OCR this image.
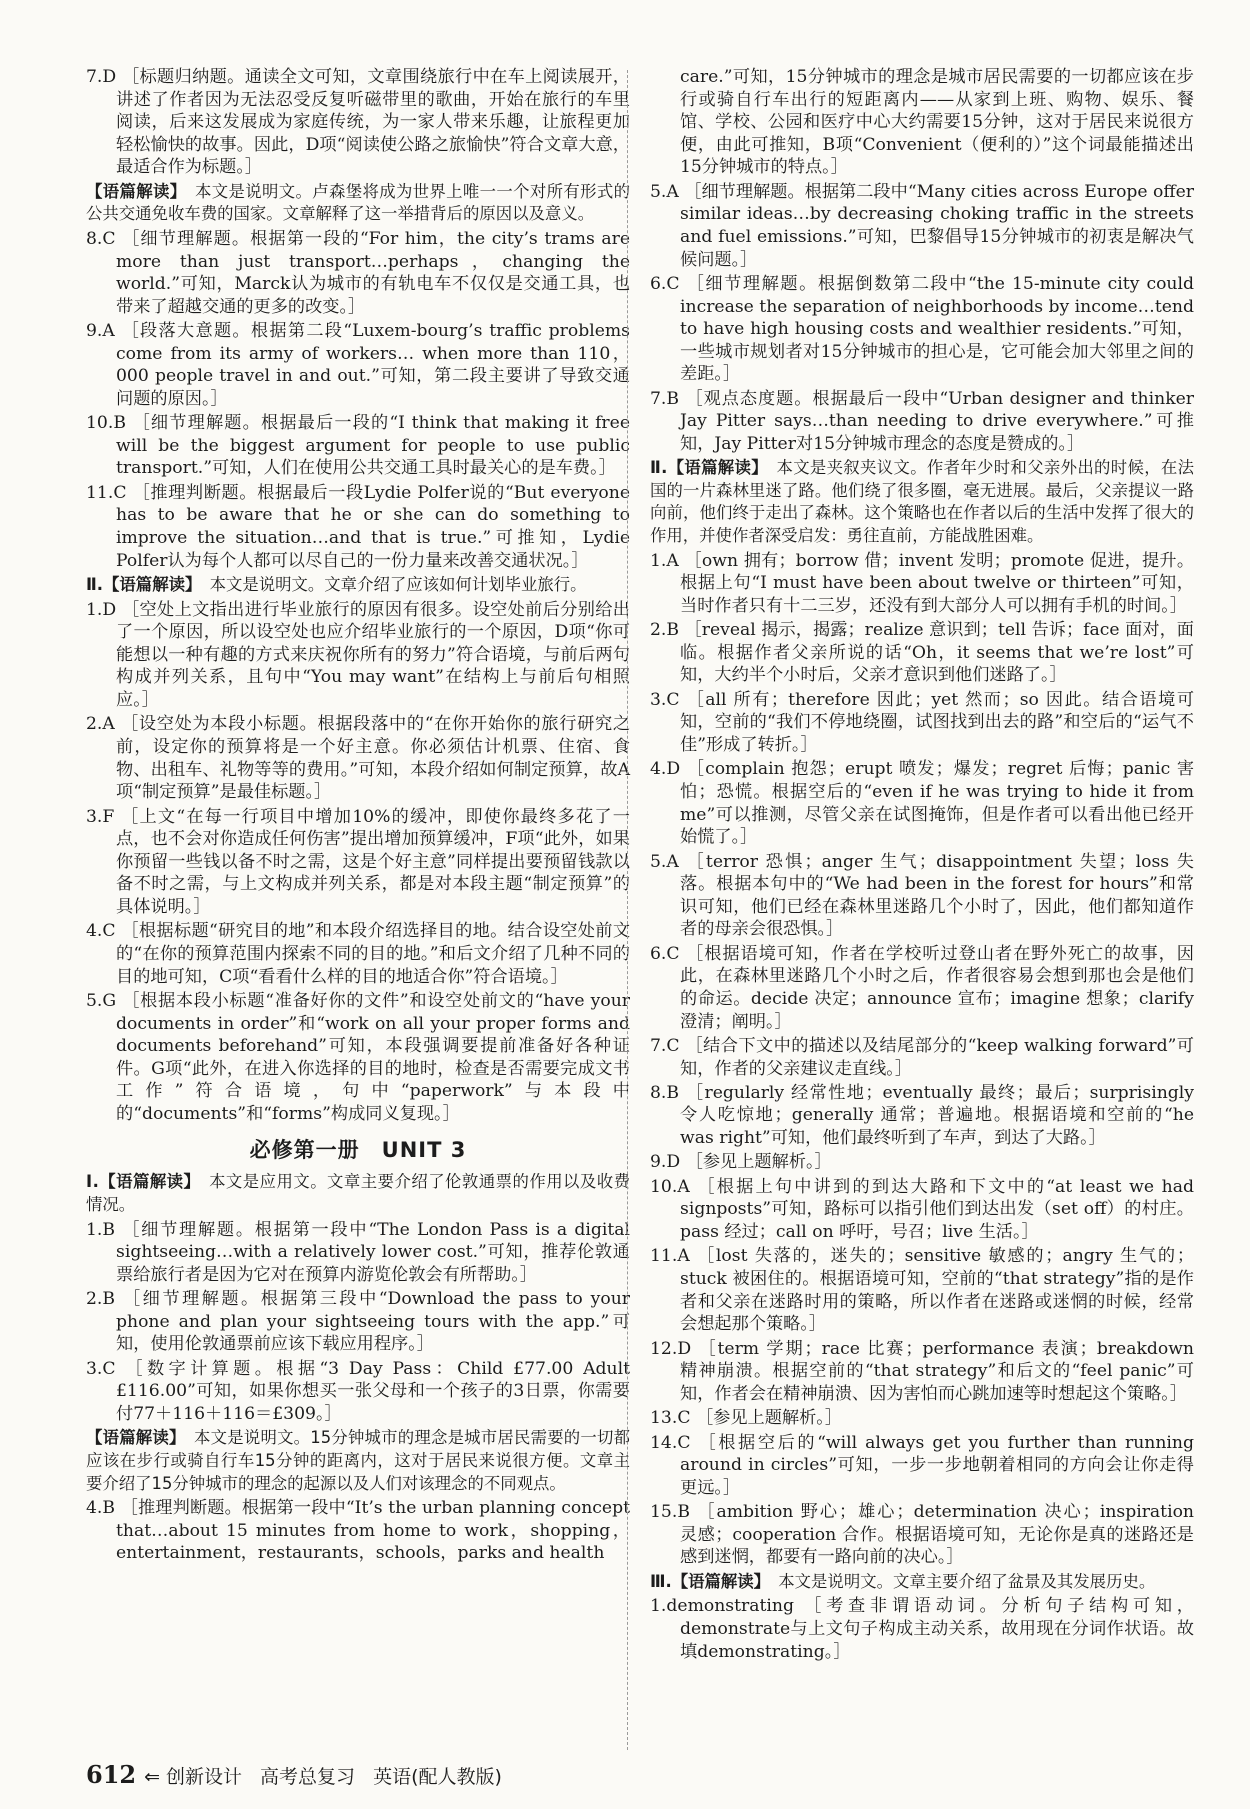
7.D ［标题归纳题。通读全文可知，文章围绕旅行中在车上阅读展开，讲述了作者因为无法忍受反复听磁带里的歌曲，开始在旅行的车里阅读，后来这发展成为家庭传统，为一家人带来乐趣，让旅程更加轻松愉快的故事。因此，D项“阅读使公路之旅愉快”符合文章大意，最适合作为标题。］

【语篇解读】　 本文是说明文。卢森堡将成为世界上唯一一个对所有形式的公共交通免收车费的国家。文章解释了这一举措背后的原因以及意义。

8.C ［细节理解题。根据第一段的“For him，the city’s trams are more than just transport…perhaps，changing the world.”可知，Marck认为城市的有轨电车不仅仅是交通工具，也带来了超越交通的更多的改变。］

9.A ［段落大意题。根据第二段“Luxem-bourg’s traffic problems come from its army of workers… when more than 110，000 people travel in and out.”可知，第二段主要讲了导致交通问题的原因。］

10.B ［细节理解题。根据最后一段的“I think that making it free will be the biggest argument for people to use public transport.”可知，人们在使用公共交通工具时最关心的是车费。］

11.C ［推理判断题。根据最后一段Lydie Polfer说的“But everyone has to be aware that he or she can do something to improve the situation…and that is true.”可推知，Lydie Polfer认为每个人都可以尽自己的一份力量来改善交通状况。］

Ⅱ.【语篇解读】　 本文是说明文。文章介绍了应该如何计划毕业旅行。

1.D ［空处上文指出进行毕业旅行的原因有很多。设空处前后分别给出了一个原因，所以设空处也应介绍毕业旅行的一个原因，D项“你可能想以一种有趣的方式来庆祝你所有的努力”符合语境，与前后两句构成并列关系，且句中“You may want”在结构上与前后句相照应。］

2.A ［设空处为本段小标题。根据段落中的“在你开始你的旅行研究之前，设定你的预算将是一个好主意。你必须估计机票、住宿、食物、出租车、礼物等等的费用。”可知，本段介绍如何制定预算，故A项“制定预算”是最佳标题。］

3.F ［上文“在每一行项目中增加10%的缓冲，即使你最终多花了一点，也不会对你造成任何伤害”提出增加预算缓冲，F项“此外，如果你预留一些钱以备不时之需，这是个好主意”同样提出要预留钱款以备不时之需，与上文构成并列关系，都是对本段主题“制定预算”的具体说明。］

4.C ［根据标题“研究目的地”和本段介绍选择目的地。结合设空处前文的“在你的预算范围内探索不同的目的地。”和后文介绍了几种不同的目的地可知，C项“看看什么样的目的地适合你”符合语境。］

5.G ［根据本段小标题“准备好你的文件”和设空处前文的“have your documents in order”和“work on all your proper forms and documents beforehand”可知，本段强调要提前准备好各种证件。G项“此外，在进入你选择的目的地时，检查是否需要完成文书工作”符合语境，句中“paperwork”与本段中的“documents”和“forms”构成同义复现。］

必修第一册　UNIT 3

Ⅰ.【语篇解读】　 本文是应用文。文章主要介绍了伦敦通票的作用以及收费情况。

1.B ［细节理解题。根据第一段中“The London Pass is a digital sightseeing…with a relatively lower cost.”可知，推荐伦敦通票给旅行者是因为它对在预算内游览伦敦会有所帮助。］

2.B ［细节理解题。根据第三段中“Download the pass to your phone and plan your sightseeing tours with the app.”可知，使用伦敦通票前应该下载应用程序。］

3.C ［数字计算题。根据“3 Day Pass：Child £77.00 Adult £116.00”可知，如果你想买一张父母和一个孩子的3日票，你需要付77＋116＋116＝£309。］

【语篇解读】　 本文是说明文。15分钟城市的理念是城市居民需要的一切都应该在步行或骑自行车15分钟的距离内，这对于居民来说很方便。文章主要介绍了15分钟城市的理念的起源以及人们对该理念的不同观点。

4.B ［推理判断题。根据第一段中“It’s the urban planning concept that…about 15 minutes from home to work，shopping，entertainment，restaurants，schools，parks and health

care.”可知，15分钟城市的理念是城市居民需要的一切都应该在步行或骑自行车出行的短距离内——从家到上班、购物、娱乐、餐馆、学校、公园和医疗中心大约需要15分钟，这对于居民来说很方便，由此可推知，B项“Convenient（便利的）”这个词最能描述出15分钟城市的特点。］

5.A ［细节理解题。根据第二段中“Many cities across Europe offer similar ideas…by decreasing choking traffic in the streets and fuel emissions.”可知，巴黎倡导15分钟城市的初衷是解决气候问题。］

6.C ［细节理解题。根据倒数第二段中“the 15-minute city could increase the separation of neighborhoods by income…tend to have high housing costs and wealthier residents.”可知，一些城市规划者对15分钟城市的担心是，它可能会加大邻里之间的差距。］

7.B ［观点态度题。根据最后一段中“Urban designer and thinker Jay Pitter says…than needing to drive everywhere.”可推知，Jay Pitter对15分钟城市理念的态度是赞成的。］

Ⅱ.【语篇解读】　 本文是夹叙夹议文。作者年少时和父亲外出的时候，在法国的一片森林里迷了路。他们绕了很多圈，毫无进展。最后，父亲提议一路向前，他们终于走出了森林。这个策略也在作者以后的生活中发挥了很大的作用，并使作者深受启发：勇往直前，方能战胜困难。

1.A ［own 拥有；borrow 借；invent 发明；promote 促进，提升。根据上句“I must have been about twelve or thirteen”可知，当时作者只有十二三岁，还没有到大部分人可以拥有手机的时间。］

2.B ［reveal 揭示，揭露；realize 意识到；tell 告诉；face 面对，面临。根据作者父亲所说的话“Oh，it seems that we’re lost”可知，大约半个小时后，父亲才意识到他们迷路了。］

3.C ［all 所有；therefore 因此；yet 然而；so 因此。结合语境可知，空前的“我们不停地绕圈，试图找到出去的路”和空后的“运气不佳”形成了转折。］

4.D ［complain 抱怨；erupt 喷发；爆发；regret 后悔；panic 害怕；恐慌。根据空后的“even if he was trying to hide it from me”可以推测，尽管父亲在试图掩饰，但是作者可以看出他已经开始慌了。］

5.A ［terror 恐惧；anger 生气；disappointment 失望；loss 失落。根据本句中的“We had been in the forest for hours”和常识可知，他们已经在森林里迷路几个小时了，因此，他们都知道作者的母亲会很恐惧。］

6.C ［根据语境可知，作者在学校听过登山者在野外死亡的故事，因此，在森林里迷路几个小时之后，作者很容易会想到那也会是他们的命运。decide 决定；announce 宣布；imagine 想象；clarify 澄清；阐明。］

7.C ［结合下文中的描述以及结尾部分的“keep walking forward”可知，作者的父亲建议走直线。］

8.B ［regularly 经常性地；eventually 最终；最后；surprisingly 令人吃惊地；generally 通常；普遍地。根据语境和空前的“he was right”可知，他们最终听到了车声，到达了大路。］

9.D ［参见上题解析。］

10.A ［根据上句中讲到的到达大路和下文中的“at least we had signposts”可知，路标可以指引他们到达出发（set off）的村庄。pass 经过；call on 呼吁，号召；live 生活。］

11.A ［lost 失落的，迷失的；sensitive 敏感的；angry 生气的；stuck 被困住的。根据语境可知，空前的“that strategy”指的是作者和父亲在迷路时用的策略，所以作者在迷路或迷惘的时候，经常会想起那个策略。］

12.D ［term 学期；race 比赛；performance 表演；breakdown 精神崩溃。根据空前的“that strategy”和后文的“feel panic”可知，作者会在精神崩溃、因为害怕而心跳加速等时想起这个策略。］

13.C ［参见上题解析。］

14.C ［根据空后的“will always get you further than running around in circles”可知，一步一步地朝着相同的方向会让你走得更远。］

15.B ［ambition 野心；雄心；determination 决心；inspiration 灵感；cooperation 合作。根据语境可知，无论你是真的迷路还是感到迷惘，都要有一路向前的决心。］

Ⅲ.【语篇解读】　 本文是说明文。文章主要介绍了盆景及其发展历史。

1.demonstrating ［考查非谓语动词。分析句子结构可知，demonstrate与上文句子构成主动关系，故用现在分词作状语。故填demonstrating。］

612 ⇐ 创新设计 高考总复习 英语(配人教版)
